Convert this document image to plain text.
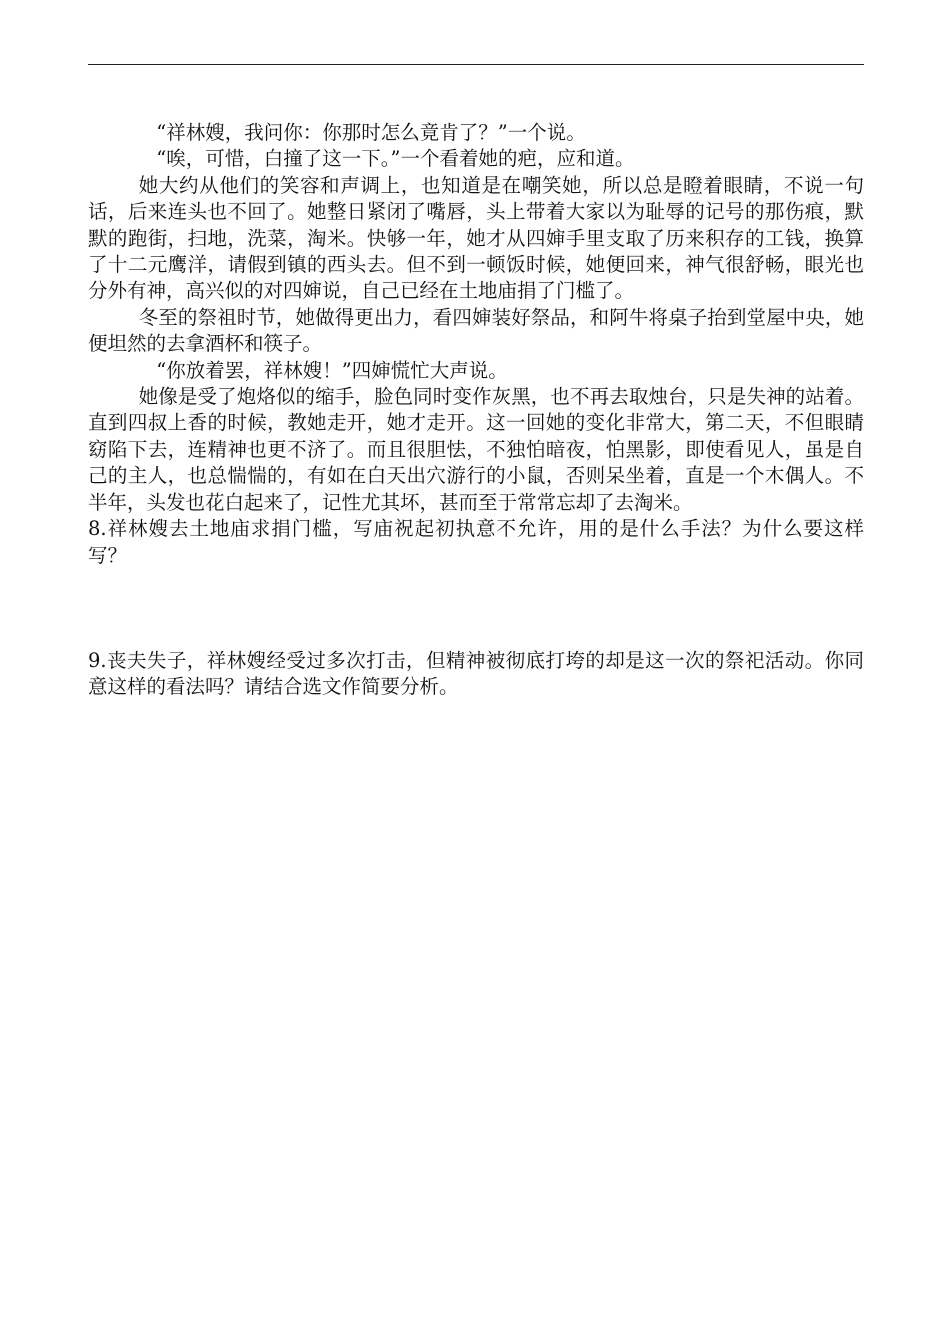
“祥林嫂，我问你：你那时怎么竟肯了？”一个说。

“唉，可惜，白撞了这一下。”一个看着她的疤，应和道。

她大约从他们的笑容和声调上，也知道是在嘲笑她，所以总是瞪着眼睛，不说一句话，后来连头也不回了。她整日紧闭了嘴唇，头上带着大家以为耻辱的记号的那伤痕，默默的跑街，扫地，洗菜，淘米。快够一年，她才从四婶手里支取了历来积存的工钱，换算了十二元鹰洋，请假到镇的西头去。但不到一顿饭时候，她便回来，神气很舒畅，眼光也分外有神，高兴似的对四婶说，自己已经在土地庙捐了门槛了。

冬至的祭祖时节，她做得更出力，看四婶装好祭品，和阿牛将桌子抬到堂屋中央，她便坦然的去拿酒杯和筷子。

“你放着罢，祥林嫂！”四婶慌忙大声说。

她像是受了炮烙似的缩手，脸色同时变作灰黑，也不再去取烛台，只是失神的站着。直到四叔上香的时候，教她走开，她才走开。这一回她的变化非常大，第二天，不但眼睛窈陷下去，连精神也更不济了。而且很胆怯，不独怕暗夜，怕黑影，即使看见人，虽是自己的主人，也总惴惴的，有如在白天出穴游行的小鼠，否则呆坐着，直是一个木偶人。不半年，头发也花白起来了，记性尤其坏，甚而至于常常忘却了去淘米。

8.祥林嫂去土地庙求捐门槛，写庙祝起初执意不允许，用的是什么手法？为什么要这样写？

9.丧夫失子，祥林嫂经受过多次打击，但精神被彻底打垮的却是这一次的祭祀活动。你同意这样的看法吗？请结合选文作简要分析。
